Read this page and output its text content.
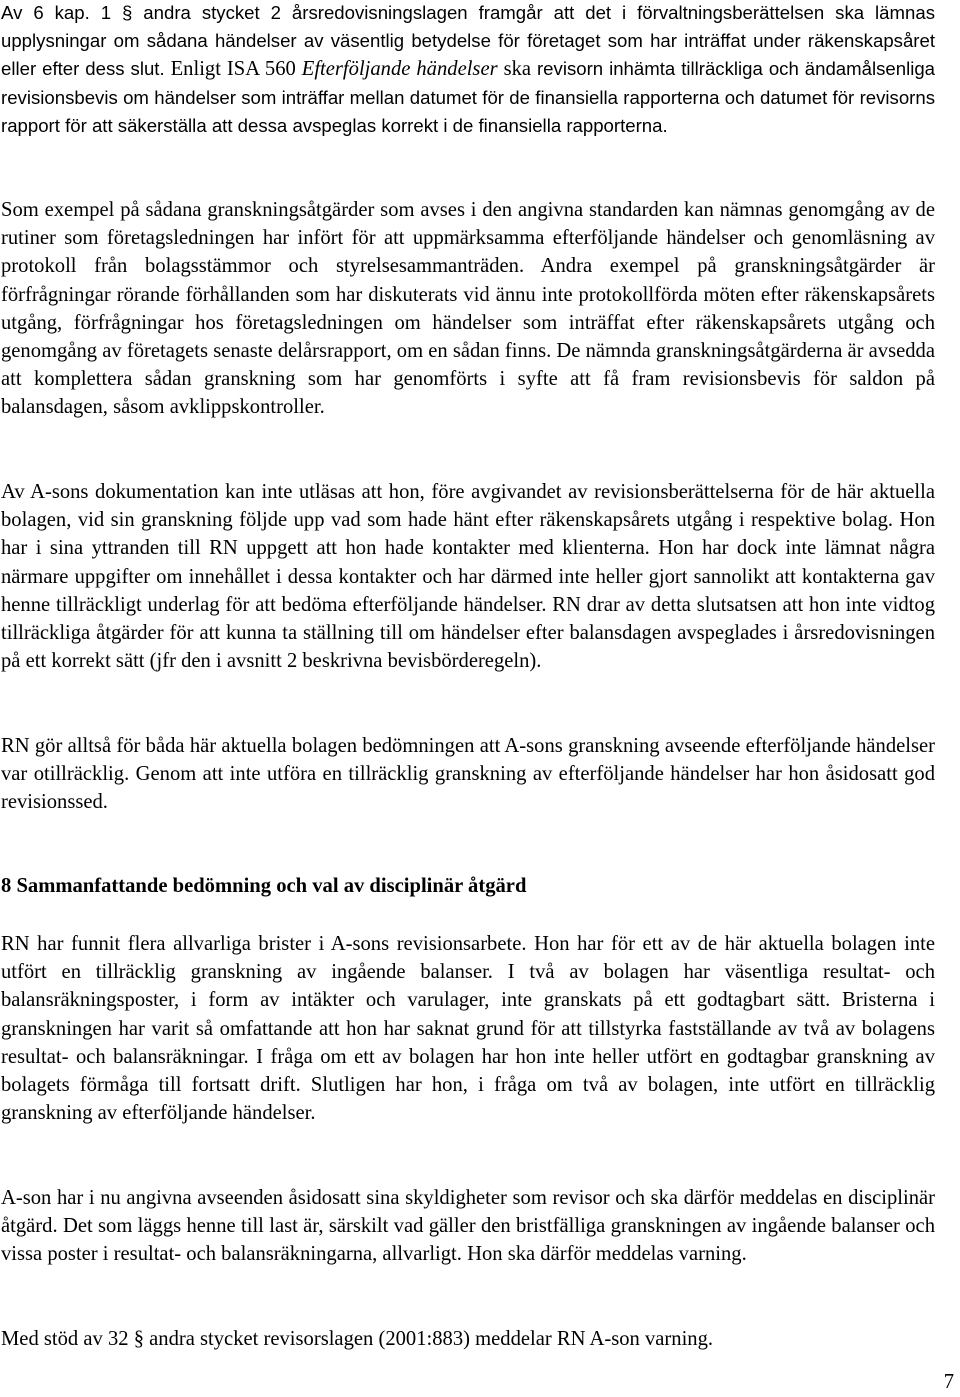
Av 6 kap. 1 § andra stycket 2 årsredovisningslagen framgår att det i förvaltningsberättelsen ska lämnas upplysningar om sådana händelser av väsentlig betydelse för företaget som har inträffat under räkenskapsåret eller efter dess slut. Enligt ISA 560 Efterföljande händelser ska revisorn inhämta tillräckliga och ändamålsenliga revisionsbevis om händelser som inträffar mellan datumet för de finansiella rapporterna och datumet för revisorns rapport för att säkerställa att dessa avspeglas korrekt i de finansiella rapporterna.

Som exempel på sådana granskningsåtgärder som avses i den angivna standarden kan nämnas genomgång av de rutiner som företagsledningen har infört för att uppmärksamma efterföljande händelser och genomläsning av protokoll från bolagsstämmor och styrelsesammanträden. Andra exempel på granskningsåtgärder är förfrågningar rörande förhållanden som har diskuterats vid ännu inte protokollförda möten efter räkenskapsårets utgång, förfrågningar hos företagsledningen om händelser som inträffat efter räkenskapsårets utgång och genomgång av företagets senaste delårsrapport, om en sådan finns. De nämnda granskningsåtgärderna är avsedda att komplettera sådan granskning som har genomförts i syfte att få fram revisionsbevis för saldon på balansdagen, såsom avklippskontroller.

Av A-sons dokumentation kan inte utläsas att hon, före avgivandet av revisionsberättelserna för de här aktuella bolagen, vid sin granskning följde upp vad som hade hänt efter räkenskapsårets utgång i respektive bolag. Hon har i sina yttranden till RN uppgett att hon hade kontakter med klienterna. Hon har dock inte lämnat några närmare uppgifter om innehållet i dessa kontakter och har därmed inte heller gjort sannolikt att kontakterna gav henne tillräckligt underlag för att bedöma efterföljande händelser. RN drar av detta slutsatsen att hon inte vidtog tillräckliga åtgärder för att kunna ta ställning till om händelser efter balansdagen avspeglades i årsredovisningen på ett korrekt sätt (jfr den i avsnitt 2 beskrivna bevisbörderegeln).

RN gör alltså för båda här aktuella bolagen bedömningen att A-sons granskning avseende efterföljande händelser var otillräcklig. Genom att inte utföra en tillräcklig granskning av efterföljande händelser har hon åsidosatt god revisionssed.

8 Sammanfattande bedömning och val av disciplinär åtgärd

RN har funnit flera allvarliga brister i A-sons revisionsarbete. Hon har för ett av de här aktuella bolagen inte utfört en tillräcklig granskning av ingående balanser. I två av bolagen har väsentliga resultat- och balansräkningsposter, i form av intäkter och varulager, inte granskats på ett godtagbart sätt. Bristerna i granskningen har varit så omfattande att hon har saknat grund för att tillstyrka fastställande av två av bolagens resultat- och balansräkningar. I fråga om ett av bolagen har hon inte heller utfört en godtagbar granskning av bolagets förmåga till fortsatt drift. Slutligen har hon, i fråga om två av bolagen, inte utfört en tillräcklig granskning av efterföljande händelser.

A-son har i nu angivna avseenden åsidosatt sina skyldigheter som revisor och ska därför meddelas en disciplinär åtgärd. Det som läggs henne till last är, särskilt vad gäller den bristfälliga granskningen av ingående balanser och vissa poster i resultat- och balansräkningarna, allvarligt. Hon ska därför meddelas varning.

Med stöd av 32 § andra stycket revisorslagen (2001:883) meddelar RN A-son varning.

7
